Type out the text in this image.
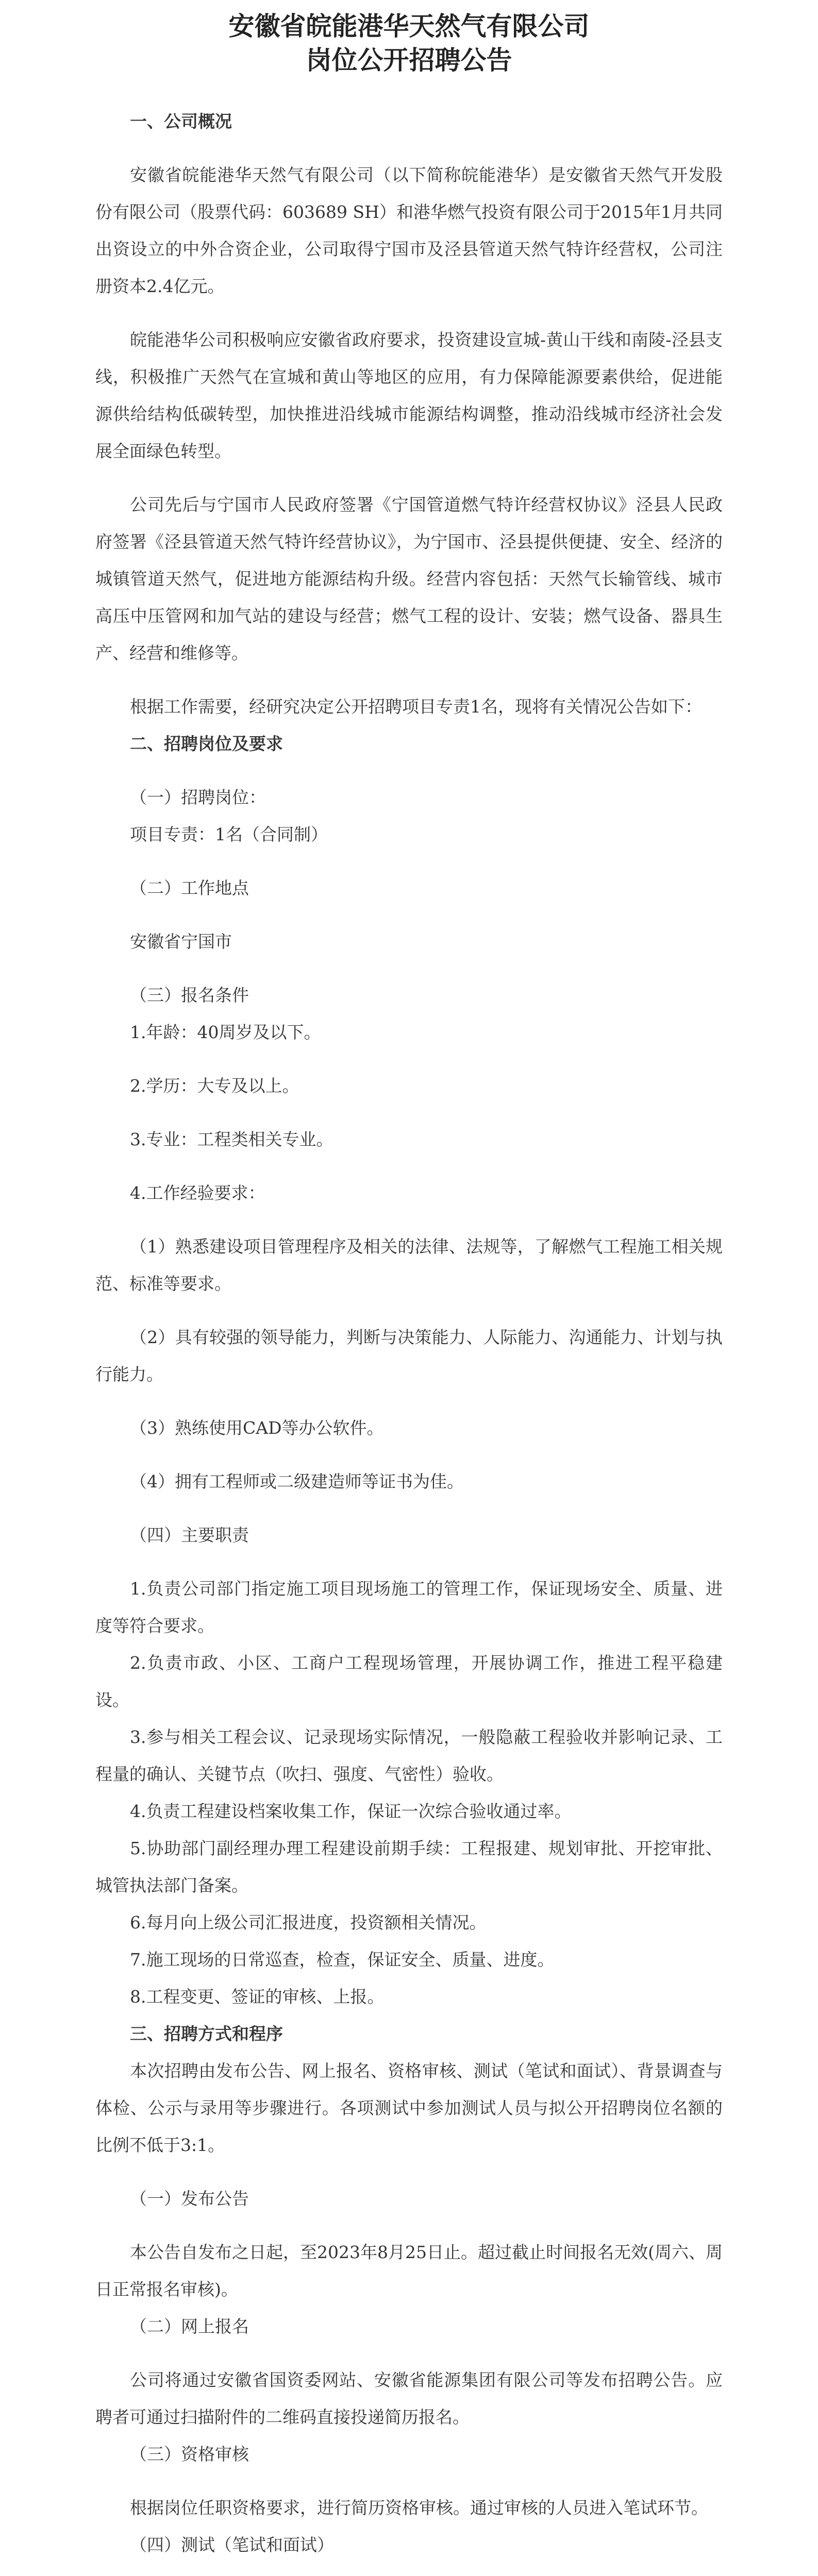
安徽省皖能港华天然气有限公司

岗位公开招聘公告

一、公司概况

安徽省皖能港华天然气有限公司（以下简称皖能港华）是安徽省天然气开发股份有限公司（股票代码：603689 SH）和港华燃气投资有限公司于2015年1月共同出资设立的中外合资企业，公司取得宁国市及泾县管道天然气特许经营权，公司注册资本2.4亿元。

皖能港华公司积极响应安徽省政府要求，投资建设宣城-黄山干线和南陵-泾县支线，积极推广天然气在宣城和黄山等地区的应用，有力保障能源要素供给，促进能源供给结构低碳转型，加快推进沿线城市能源结构调整，推动沿线城市经济社会发展全面绿色转型。

公司先后与宁国市人民政府签署《宁国管道燃气特许经营权协议》泾县人民政府签署《泾县管道天然气特许经营协议》，为宁国市、泾县提供便捷、安全、经济的城镇管道天然气，促进地方能源结构升级。经营内容包括：天然气长输管线、城市高压中压管网和加气站的建设与经营；燃气工程的设计、安装；燃气设备、器具生产、经营和维修等。

根据工作需要，经研究决定公开招聘项目专责1名，现将有关情况公告如下：

二、招聘岗位及要求

（一）招聘岗位：

项目专责：1名（合同制）

（二）工作地点

安徽省宁国市

（三）报名条件

1.年龄：40周岁及以下。

2.学历：大专及以上。

3.专业：工程类相关专业。

4.工作经验要求：

（1）熟悉建设项目管理程序及相关的法律、法规等，了解燃气工程施工相关规范、标准等要求。

（2）具有较强的领导能力，判断与决策能力、人际能力、沟通能力、计划与执行能力。

（3）熟练使用CAD等办公软件。

（4）拥有工程师或二级建造师等证书为佳。

（四）主要职责

1.负责公司部门指定施工项目现场施工的管理工作，保证现场安全、质量、进度等符合要求。

2.负责市政、小区、工商户工程现场管理，开展协调工作，推进工程平稳建设。

3.参与相关工程会议、记录现场实际情况，一般隐蔽工程验收并影响记录、工程量的确认、关键节点（吹扫、强度、气密性）验收。

4.负责工程建设档案收集工作，保证一次综合验收通过率。

5.协助部门副经理办理工程建设前期手续：工程报建、规划审批、开挖审批、城管执法部门备案。

6.每月向上级公司汇报进度，投资额相关情况。

7.施工现场的日常巡查，检查，保证安全、质量、进度。

8.工程变更、签证的审核、上报。

三、招聘方式和程序

本次招聘由发布公告、网上报名、资格审核、测试（笔试和面试）、背景调查与体检、公示与录用等步骤进行。各项测试中参加测试人员与拟公开招聘岗位名额的比例不低于3:1。

（一）发布公告

本公告自发布之日起，至2023年8月25日止。超过截止时间报名无效(周六、周日正常报名审核)。

（二）网上报名

公司将通过安徽省国资委网站、安徽省能源集团有限公司等发布招聘公告。应聘者可通过扫描附件的二维码直接投递简历报名。

（三）资格审核

根据岗位任职资格要求，进行简历资格审核。通过审核的人员进入笔试环节。

（四）测试（笔试和面试）
